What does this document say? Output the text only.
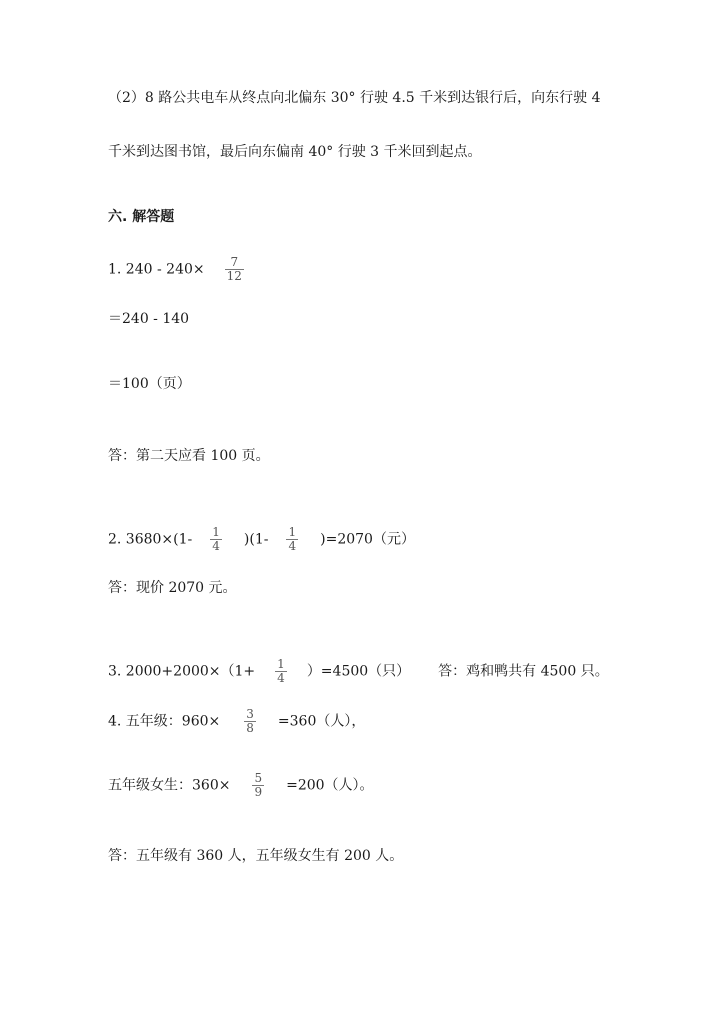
（2）8 路公共电车从终点向北偏东 30° 行驶 4.5 千米到达银行后，向东行驶 4
千米到达图书馆，最后向东偏南 40° 行驶 3 千米回到起点。
六. 解答题
1. $240 - 240\times \frac{7}{12}$
＝240 - 140
＝100（页）
答：第二天应看 100 页。
2. $3680\times(1- \frac{1}{4} )(1- \frac{1}{4} )=2070$（元）
答：现价 2070 元。
3. $2000+2000\times(1+ \frac{1}{4} )=4500$（只） 答：鸡和鸭共有 4500 只。
4. 五年级：$960\times \frac{3}{8} =360$（人），
五年级女生：$360\times \frac{5}{9} =200$（人）。
答：五年级有 360 人，五年级女生有 200 人。
